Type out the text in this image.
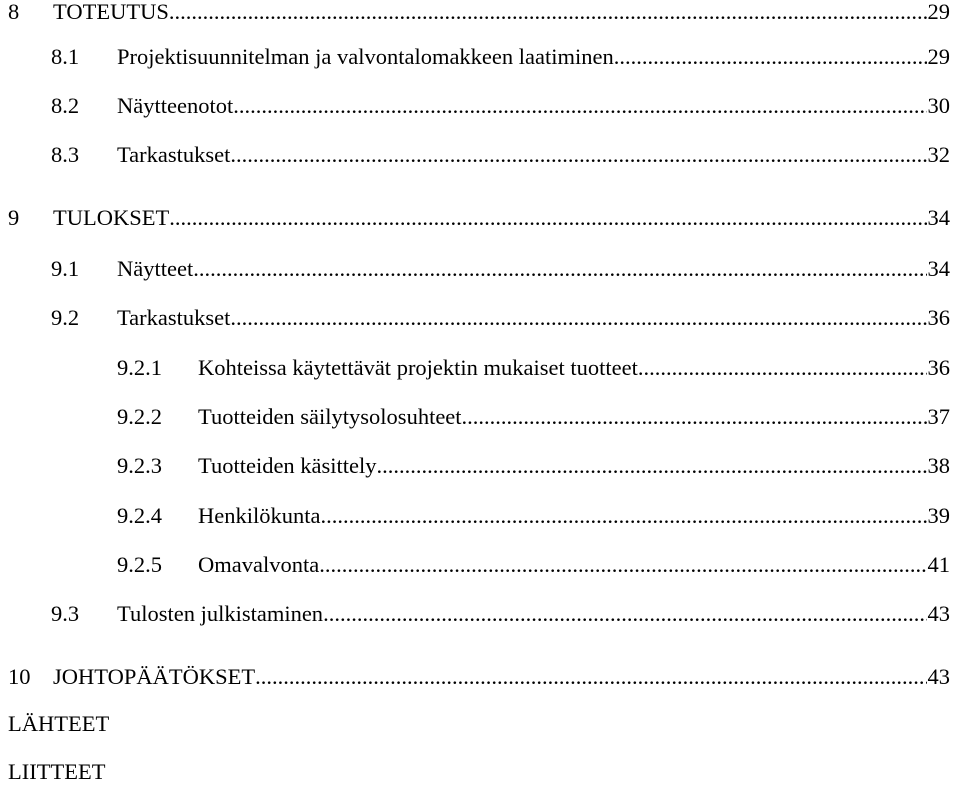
8 TOTEUTUS .....	29
8.1 Projektisuunnitelman ja valvontalomakkeen laatiminen .....	29
8.2 Näytteenotot .....	30
8.3 Tarkastukset .....	32
9 TULOKSET .....	34
9.1 Näytteet .....	34
9.2 Tarkastukset .....	36
9.2.1 Kohteissa käytettävät projektin mukaiset tuotteet .....	36
9.2.2 Tuotteiden säilytysolosuhteet .....	37
9.2.3 Tuotteiden käsittely .....	38
9.2.4 Henkilökunta .....	39
9.2.5 Omavalvonta .....	41
9.3 Tulosten julkistaminen .....	43
10 JOHTOPÄÄTÖKSET .....	43
LÄHTEET
LIITTEET
